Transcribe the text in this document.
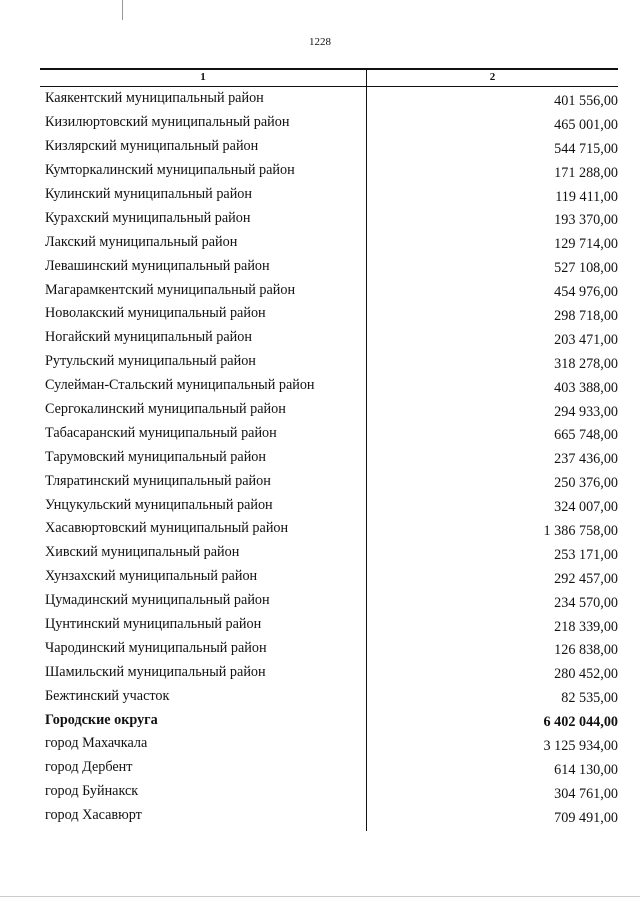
1228
1	2
Каякентский муниципальный район	401 556,00
Кизилюртовский муниципальный район	465 001,00
Кизлярский муниципальный район	544 715,00
Кумторкалинский муниципальный район	171 288,00
Кулинский муниципальный район	119 411,00
Курахский муниципальный район	193 370,00
Лакский муниципальный район	129 714,00
Левашинский муниципальный район	527 108,00
Магарамкентский муниципальный район	454 976,00
Новолакский муниципальный район	298 718,00
Ногайский муниципальный район	203 471,00
Рутульский муниципальный район	318 278,00
Сулейман-Стальский муниципальный район	403 388,00
Сергокалинский муниципальный район	294 933,00
Табасаранский муниципальный район	665 748,00
Тарумовский муниципальный район	237 436,00
Тляратинский муниципальный район	250 376,00
Унцукульский муниципальный район	324 007,00
Хасавюртовский муниципальный район	1 386 758,00
Хивский муниципальный район	253 171,00
Хунзахский муниципальный район	292 457,00
Цумадинский муниципальный район	234 570,00
Цунтинский муниципальный район	218 339,00
Чародинский муниципальный район	126 838,00
Шамильский муниципальный район	280 452,00
Бежтинский участок	82 535,00
Городские округа	6 402 044,00
город Махачкала	3 125 934,00
город Дербент	614 130,00
город Буйнакск	304 761,00
город Хасавюрт	709 491,00
